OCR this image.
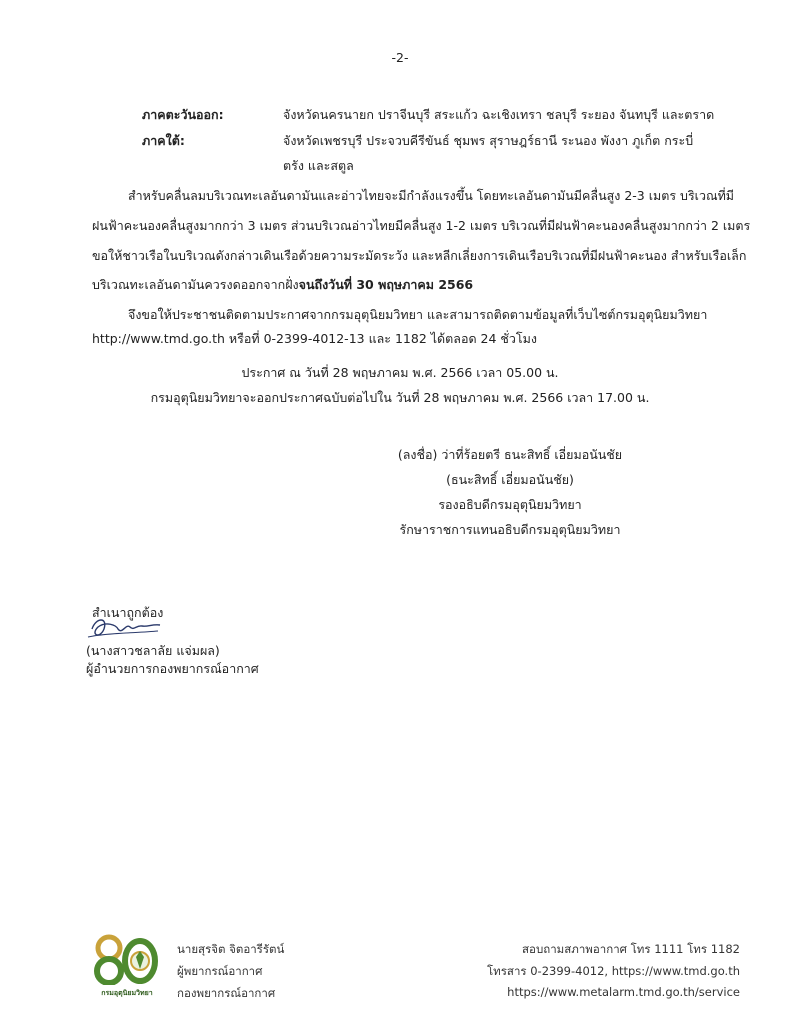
-2-
ภาคตะวันออก:	จังหวัดนครนายก ปราจีนบุรี สระแก้ว ฉะเชิงเทรา ชลบุรี ระยอง จันทบุรี และตราด
ภาคใต้:	จังหวัดเพชรบุรี ประจวบคีรีขันธ์ ชุมพร สุราษฎร์ธานี ระนอง พังงา ภูเก็ต กระบี่
ตรัง และสตูล
สำหรับคลื่นลมบริเวณทะเลอันดามันและอ่าวไทยจะมีกำลังแรงขึ้น โดยทะเลอันดามันมีคลื่นสูง 2-3 เมตร บริเวณที่มี
ฝนฟ้าคะนองคลื่นสูงมากกว่า 3 เมตร ส่วนบริเวณอ่าวไทยมีคลื่นสูง 1-2 เมตร บริเวณที่มีฝนฟ้าคะนองคลื่นสูงมากกว่า 2 เมตร
ขอให้ชาวเรือในบริเวณดังกล่าวเดินเรือด้วยความระมัดระวัง และหลีกเลี่ยงการเดินเรือบริเวณที่มีฝนฟ้าคะนอง สำหรับเรือเล็ก
บริเวณทะเลอันดามันควรงดออกจากฝั่งจนถึงวันที่ 30 พฤษภาคม 2566
จึงขอให้ประชาชนติดตามประกาศจากกรมอุตุนิยมวิทยา และสามารถติดตามข้อมูลที่เว็บไซต์กรมอุตุนิยมวิทยา
http://www.tmd.go.th หรือที่ 0-2399-4012-13 และ 1182 ได้ตลอด 24 ชั่วโมง
ประกาศ ณ วันที่ 28 พฤษภาคม พ.ศ. 2566 เวลา 05.00 น.
กรมอุตุนิยมวิทยาจะออกประกาศฉบับต่อไปใน วันที่ 28 พฤษภาคม พ.ศ. 2566 เวลา 17.00 น.
(ลงชื่อ) ว่าที่ร้อยตรี ธนะสิทธิ์ เอี่ยมอนันชัย
(ธนะสิทธิ์ เอี่ยมอนันชัย)
รองอธิบดีกรมอุตุนิยมวิทยา
รักษาราชการแทนอธิบดีกรมอุตุนิยมวิทยา
สำเนาถูกต้อง
(นางสาวชลาลัย แจ่มผล)
ผู้อำนวยการกองพยากรณ์อากาศ
กรมอุตุนิยมวิทยา
นายสุรจิต จิตอารีรัตน์
ผู้พยากรณ์อากาศ
กองพยากรณ์อากาศ
สอบถามสภาพอากาศ โทร 1111 โทร 1182
โทรสาร 0-2399-4012, https://www.tmd.go.th
https://www.metalarm.tmd.go.th/service
